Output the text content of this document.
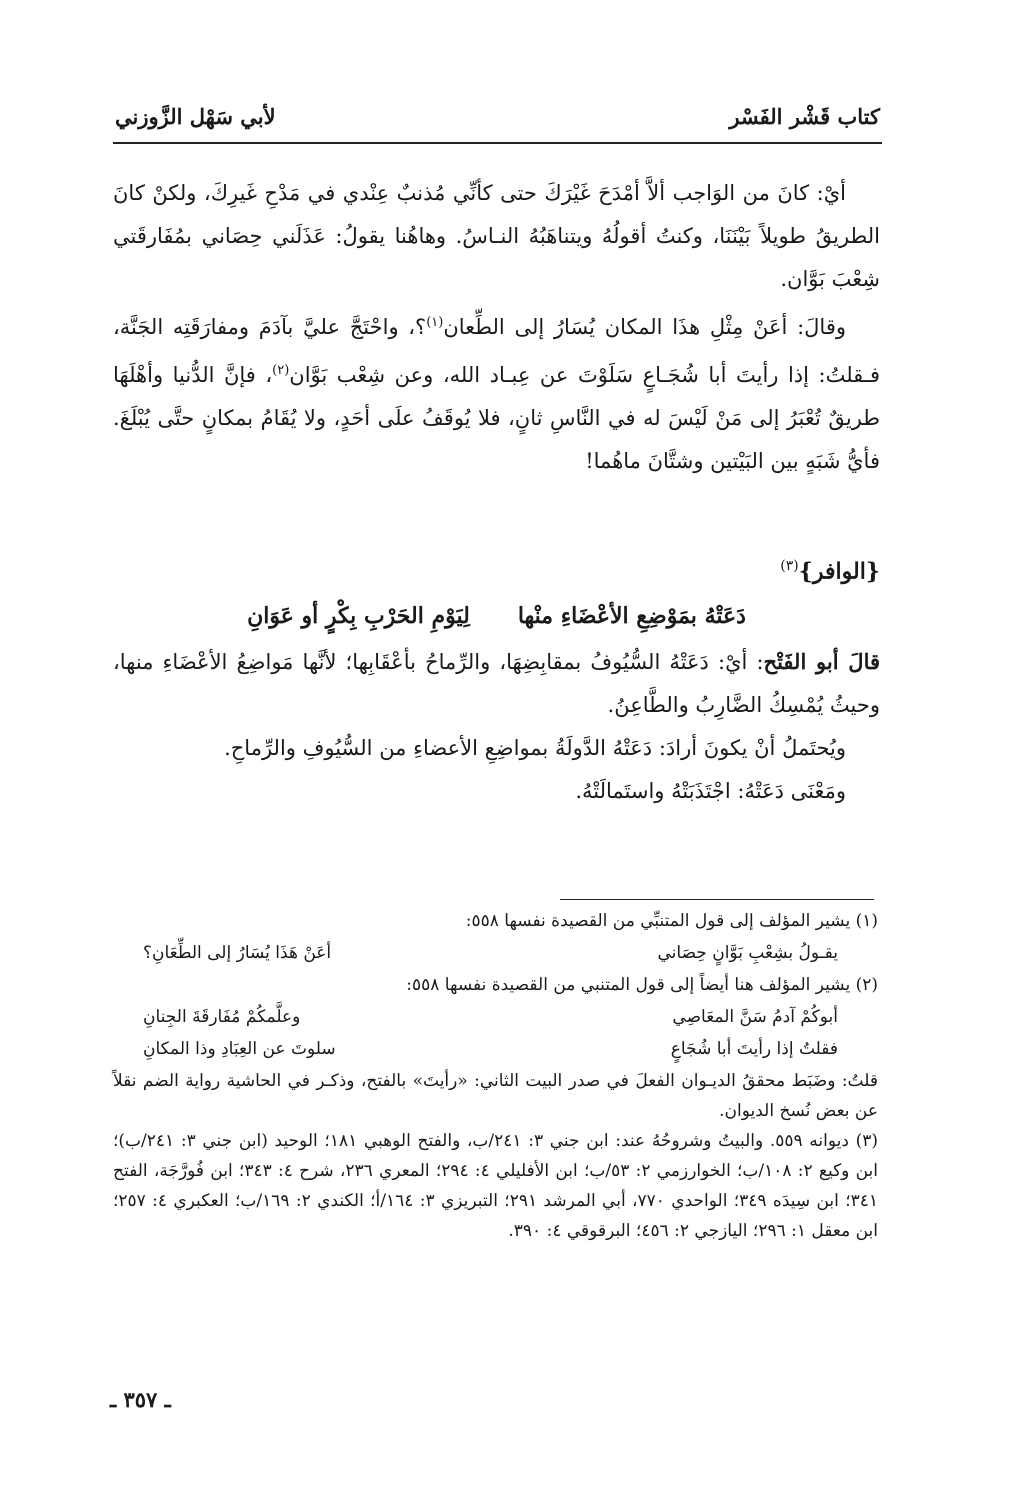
كتاب قَشْر الفَسْر
لأبي سَهْل الزَّوزني

أيْ: كانَ من الوَاجب ألاَّ أمْدَحَ غَيْرَكَ حتى كأنِّي مُذنبٌ عِنْدي في مَدْحِ غَيرِكَ، ولكنْ كانَ الطريقُ طويلاً بَيْنَنَا، وكنتُ أقولُهُ ويتناهَبُهُ النـاسُ. وهاهُنا يقولُ: عَذَلَني حِصَاني بمُفَارقَتي شِعْبَ بَوَّان.

وقالَ: أعَنْ مِثْلِ هذَا المكان يُسَارُ إلى الطِّعان$^{(١)}$؟، واحْتَجَّ عليَّ بآدَمَ ومفارَقَتِه الجَنَّة، فـقلتُ: إذا رأيتَ أبا شُجَـاعٍ سَلَوْتَ عن عِبـاد الله، وعن شِعْب بَوَّان$^{(٢)}$، فإنَّ الدُّنيا وأهْلَهَا طريقٌ تُعْبَرُ إلى مَنْ لَيْسَ له في النَّاسِ ثانٍ، فلا يُوقَفُ علَى أحَدٍ، ولا يُقَامُ بمكانٍ حتَّى يُبْلَغَ. فأيُّ شَبَهٍ بين البَيْتين وشتَّانَ ماهُما!

{الوافر}$^{(٣)}$
دَعَتْهُ بمَوْضِعِ الأعْضَاءِ منْها
لِيَوْمِ الحَرْبِ بِكْرٍ أو عَوَانِ

قالَ أبو الفَتْح: أيْ: دَعَتْهُ السُّيُوفُ بمقابِضِهَا، والرِّماحُ بأعْقَابِها؛ لأنَّها مَواضِعُ الأعْضَاءِ منها، وحيثُ يُمْسِكُ الضَّارِبُ والطَّاعِنُ.

ويُحتَملُ أنْ يكونَ أرادَ: دَعَتْهُ الدَّولَةُ بمواضِعِ الأعضاءِ من السُّيُوفِ والرِّماحِ.

ومَعْنَى دَعَتْهُ: اجْتَذَبَتْهُ واستَمالَتْهُ.

(١) يشير المؤلف إلى قول المتنبِّي من القصيدة نفسها ٥٥٨:

يقـولُ بشِعْبِ بَوَّانٍ حِصَاني
أعَنْ هَذَا يُسَارُ إلى الطِّعَانِ؟

(٢) يشير المؤلف هنا أيضاً إلى قول المتنبي من القصيدة نفسها ٥٥٨:

أبوكُمْ آدمُ سَنَّ المعَاصِي
وعلَّمكُمْ مُفَارقَةَ الجِنانِ
فقلتُ إذا رأيتَ أبا شُجَاعٍ
سلوتَ عن العِبَادِ وذا المكانِ

قلتُ: وضَبَط محققُ الديـوان الفعلَ في صدر البيت الثاني: «رأيتَ» بالفتح، وذكـر في الحاشية رواية الضم نقلاً عن بعض نُسخ الديوان.

(٣) ديوانه ٥٥٩. والبيتُ وشروحُهُ عند: ابن جني ٣: ٢٤١/ب، والفتح الوهبي ١٨١؛ الوحيد (ابن جني ٣: ٢٤١/ب)؛ ابن وكيع ٢: ١٠٨/ب؛ الخوارزمي ٢: ٥٣/ب؛ ابن الأفليلي ٤: ٢٩٤؛ المعري ٢٣٦، شرح ٤: ٣٤٣؛ ابن فُورَّجَة، الفتح ٣٤١؛ ابن سِيدَه ٣٤٩؛ الواحدي ٧٧٠، أبي المرشد ٢٩١؛ التبريزي ٣: ١٦٤/أ؛ الكندي ٢: ١٦٩/ب؛ العكبري ٤: ٢٥٧؛ ابن معقل ١: ٢٩٦؛ اليازجي ٢: ٤٥٦؛ البرقوقي ٤: ٣٩٠.

ـ ٣٥٧ ـ
